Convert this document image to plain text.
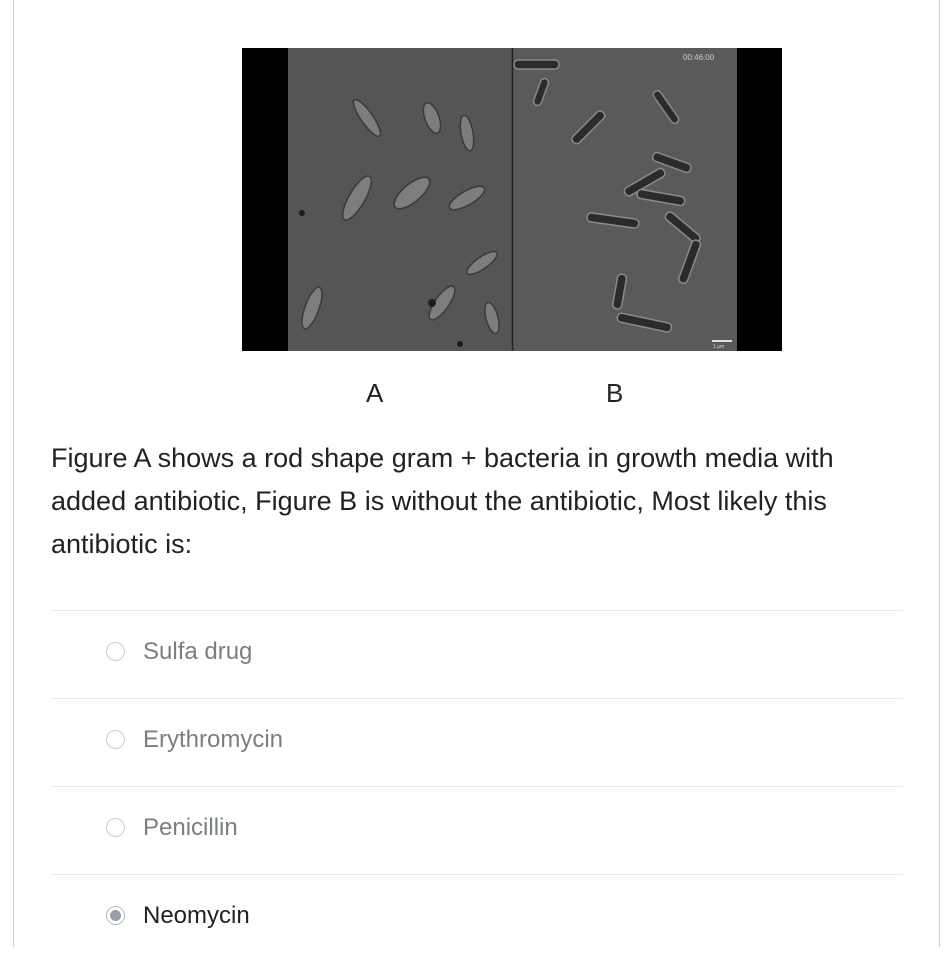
00:46:00
1 μm
A	B
Figure A shows a rod shape gram + bacteria in growth media with added antibiotic, Figure B is without the antibiotic, Most likely this antibiotic is:
Sulfa drug
Erythromycin
Penicillin
Neomycin
